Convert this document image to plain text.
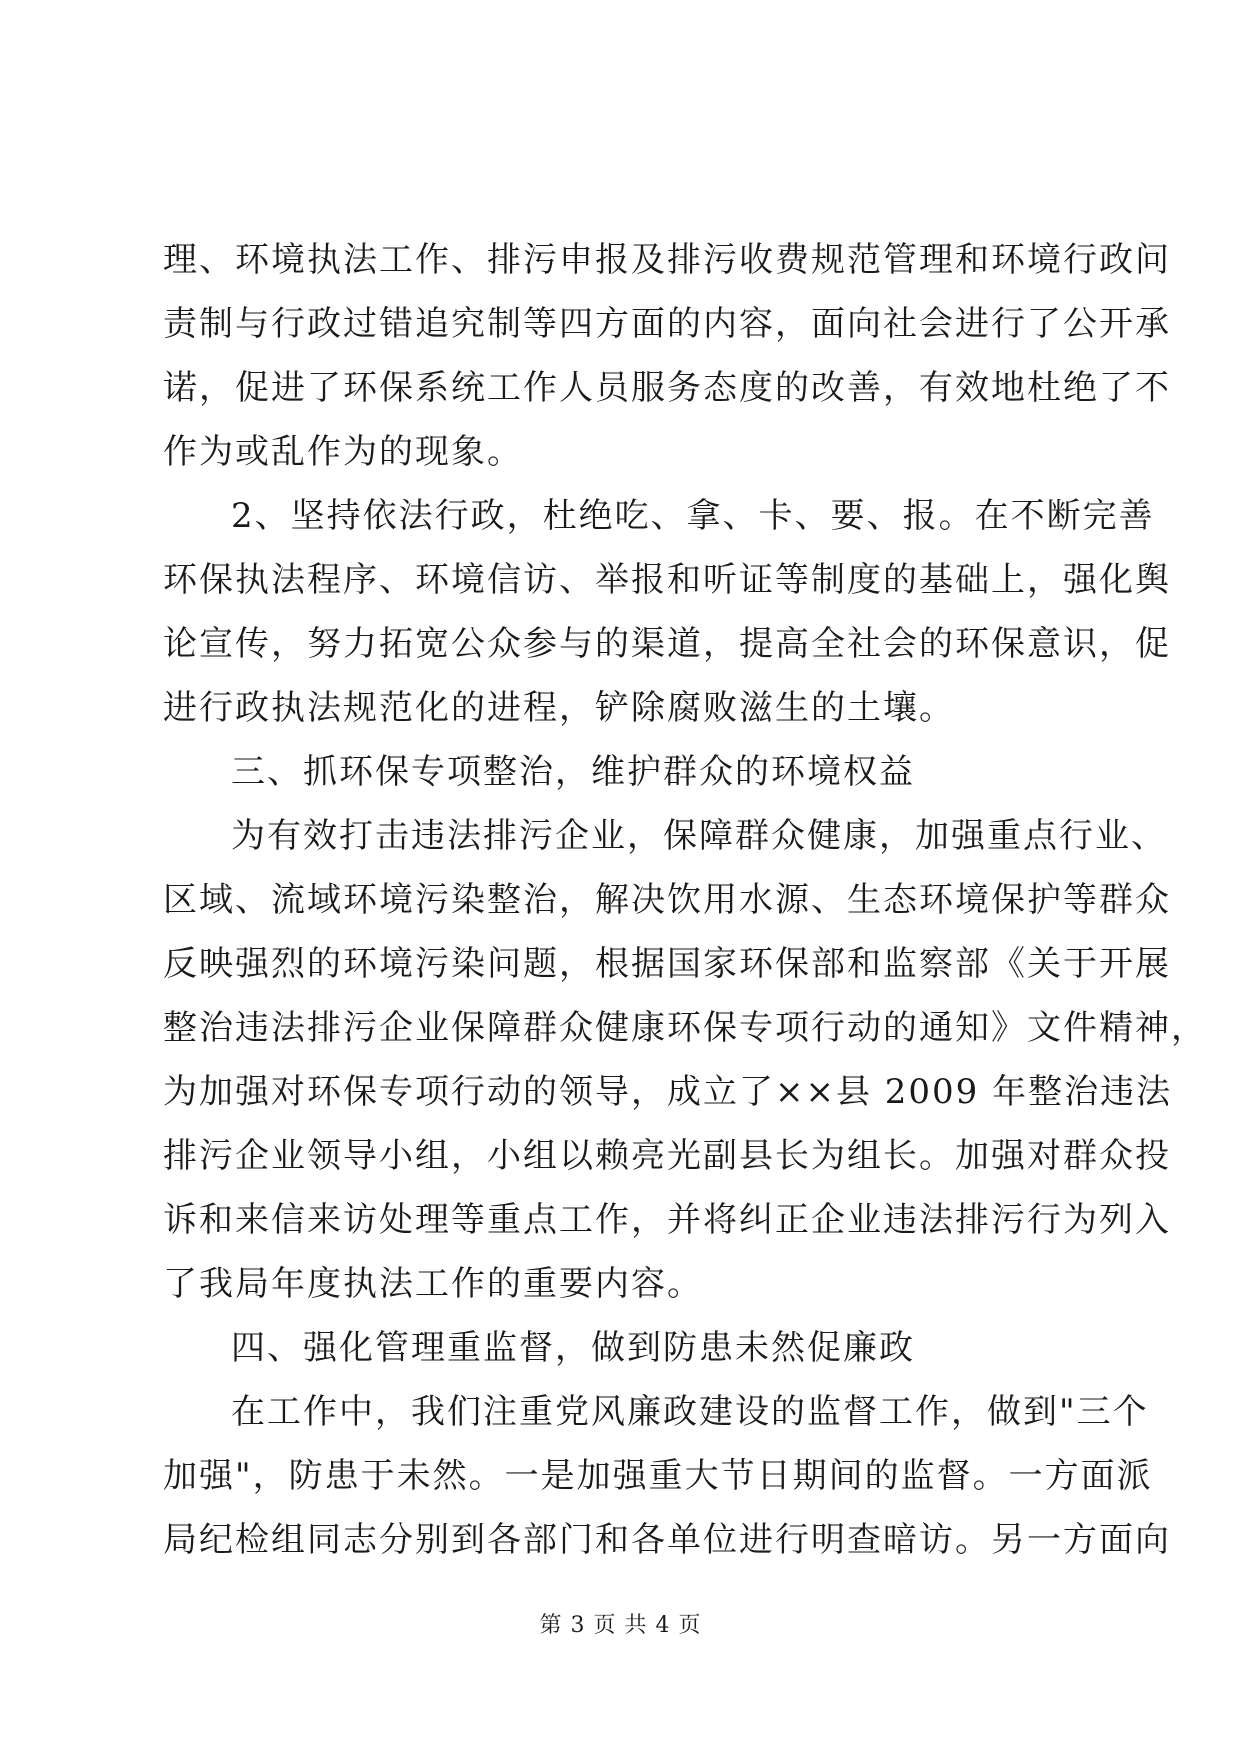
理、环境执法工作、排污申报及排污收费规范管理和环境行政问
责制与行政过错追究制等四方面的内容，面向社会进行了公开承
诺，促进了环保系统工作人员服务态度的改善，有效地杜绝了不
作为或乱作为的现象。
2、坚持依法行政，杜绝吃、拿、卡、要、报。在不断完善
环保执法程序、环境信访、举报和听证等制度的基础上，强化舆
论宣传，努力拓宽公众参与的渠道，提高全社会的环保意识，促
进行政执法规范化的进程，铲除腐败滋生的土壤。
三、抓环保专项整治，维护群众的环境权益
为有效打击违法排污企业，保障群众健康，加强重点行业、
区域、流域环境污染整治，解决饮用水源、生态环境保护等群众
反映强烈的环境污染问题，根据国家环保部和监察部《关于开展
整治违法排污企业保障群众健康环保专项行动的通知》文件精神，
为加强对环保专项行动的领导，成立了××县 2009 年整治违法
排污企业领导小组，小组以赖亮光副县长为组长。加强对群众投
诉和来信来访处理等重点工作，并将纠正企业违法排污行为列入
了我局年度执法工作的重要内容。
四、强化管理重监督，做到防患未然促廉政
在工作中，我们注重党风廉政建设的监督工作，做到"三个
加强"，防患于未然。一是加强重大节日期间的监督。一方面派
局纪检组同志分别到各部门和各单位进行明查暗访。另一方面向
第 3 页 共 4 页
